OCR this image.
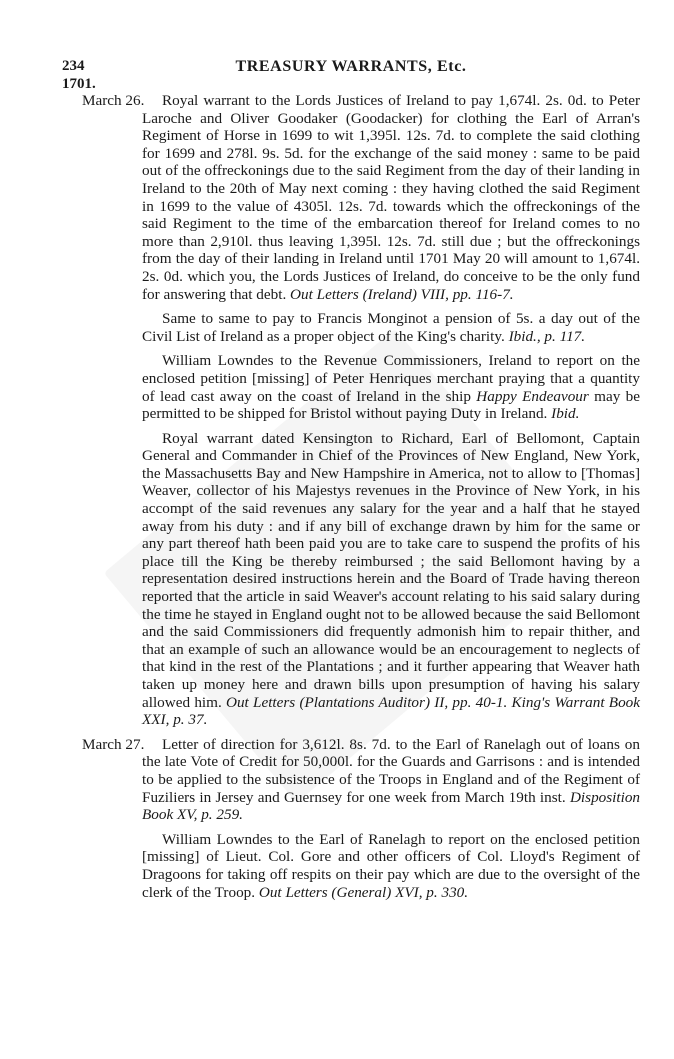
234	TREASURY WARRANTS, Etc.
1701.

March 26. Royal warrant to the Lords Justices of Ireland to pay 1,674l. 2s. 0d. to Peter Laroche and Oliver Goodaker (Goodacker) for clothing the Earl of Arran's Regiment of Horse in 1699 to wit 1,395l. 12s. 7d. to complete the said clothing for 1699 and 278l. 9s. 5d. for the exchange of the said money : same to be paid out of the offreckonings due to the said Regiment from the day of their landing in Ireland to the 20th of May next coming : they having clothed the said Regiment in 1699 to the value of 4305l. 12s. 7d. towards which the offreckonings of the said Regiment to the time of the embarcation thereof for Ireland comes to no more than 2,910l. thus leaving 1,395l. 12s. 7d. still due ; but the offreckonings from the day of their landing in Ireland until 1701 May 20 will amount to 1,674l. 2s. 0d. which you, the Lords Justices of Ireland, do conceive to be the only fund for answering that debt. Out Letters (Ireland) VIII, pp. 116-7.

Same to same to pay to Francis Monginot a pension of 5s. a day out of the Civil List of Ireland as a proper object of the King's charity. Ibid., p. 117.

William Lowndes to the Revenue Commissioners, Ireland to report on the enclosed petition [missing] of Peter Henriques merchant praying that a quantity of lead cast away on the coast of Ireland in the ship Happy Endeavour may be permitted to be shipped for Bristol without paying Duty in Ireland. Ibid.

Royal warrant dated Kensington to Richard, Earl of Bellomont, Captain General and Commander in Chief of the Provinces of New England, New York, the Massachusetts Bay and New Hampshire in America, not to allow to [Thomas] Weaver, collector of his Majestys revenues in the Province of New York, in his accompt of the said revenues any salary for the year and a half that he stayed away from his duty : and if any bill of exchange drawn by him for the same or any part thereof hath been paid you are to take care to suspend the profits of his place till the King be thereby reimbursed ; the said Bellomont having by a representation desired instructions herein and the Board of Trade having thereon reported that the article in said Weaver's account relating to his said salary during the time he stayed in England ought not to be allowed because the said Bellomont and the said Commissioners did frequently admonish him to repair thither, and that an example of such an allowance would be an encouragement to neglects of that kind in the rest of the Plantations ; and it further appearing that Weaver hath taken up money here and drawn bills upon presumption of having his salary allowed him. Out Letters (Plantations Auditor) II, pp. 40-1. King's Warrant Book XXI, p. 37.

March 27. Letter of direction for 3,612l. 8s. 7d. to the Earl of Ranelagh out of loans on the late Vote of Credit for 50,000l. for the Guards and Garrisons : and is intended to be applied to the subsistence of the Troops in England and of the Regiment of Fuziliers in Jersey and Guernsey for one week from March 19th inst. Disposition Book XV, p. 259.

William Lowndes to the Earl of Ranelagh to report on the enclosed petition [missing] of Lieut. Col. Gore and other officers of Col. Lloyd's Regiment of Dragoons for taking off respits on their pay which are due to the oversight of the clerk of the Troop. Out Letters (General) XVI, p. 330.
